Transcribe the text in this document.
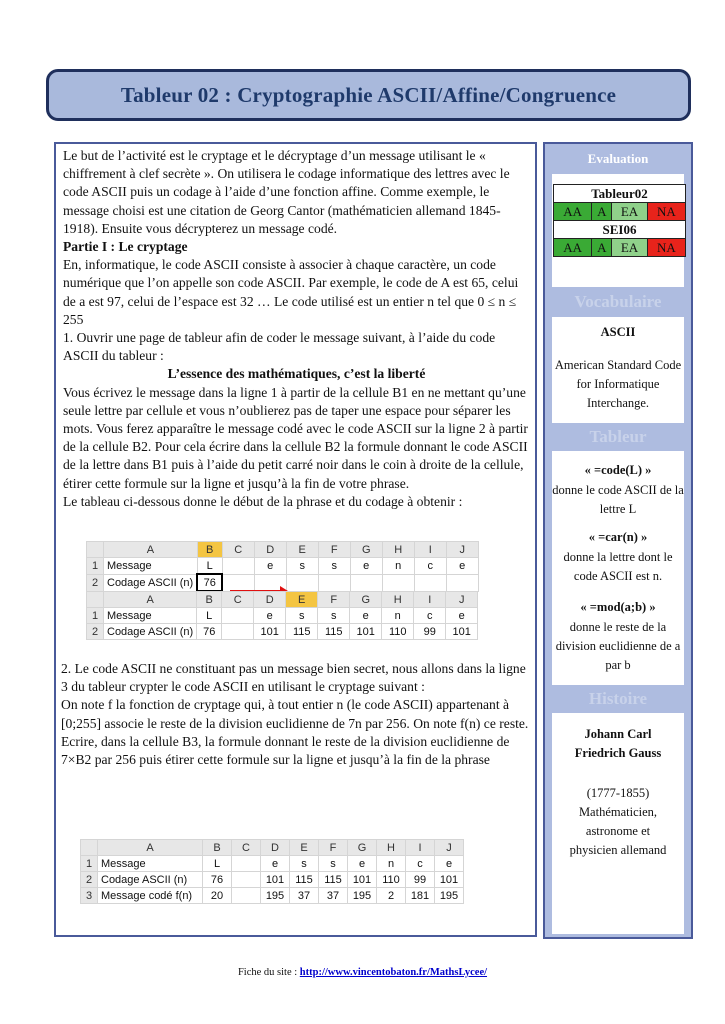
Tableur 02 : Cryptographie ASCII/Affine/Congruence

Le but de l’activité est le cryptage et le décryptage d’un message utilisant le « chiffrement à clef secrète ». On utilisera le codage informatique des lettres avec le code ASCII puis un codage à l’aide d’une fonction affine. Comme exemple, le message choisi est une citation de Georg Cantor (mathématicien allemand 1845-1918). Ensuite vous décrypterez un message codé.

Partie I : Le cryptage

En, informatique, le code ASCII consiste à associer à chaque caractère, un code numérique que l’on appelle son code ASCII. Par exemple, le code de A est 65, celui de a est 97, celui de l’espace est 32 … Le code utilisé est un entier n tel que 0 ≤ n ≤ 255

1. Ouvrir une page de tableur afin de coder le message suivant, à l’aide du code ASCII du tableur :

L’essence des mathématiques, c’est la liberté

Vous écrivez le message dans la ligne 1 à partir de la cellule B1 en ne mettant qu’une seule lettre par cellule et vous n’oublierez pas de taper une espace pour séparer les mots. Vous ferez apparaître le message codé avec le code ASCII sur la ligne 2 à partir de la cellule B2. Pour cela écrire dans la cellule B2 la formule donnant le code ASCII de la lettre dans B1 puis à l’aide du petit carré noir dans le coin à droite de la cellule, étirer cette formule sur la ligne et jusqu’à la fin de votre phrase.

Le tableau ci-dessous donne le début de la phrase et du codage à obtenir :

	A	B	C	D	E	F	G	H	I	J
1	Message	L		e	s	s	e	n	c	e
2	Codage ASCII (n)	76								
	A	B	C	D	E	F	G	H	I	J
1	Message	L		e	s	s	e	n	c	e
2	Codage ASCII (n)	76		101	115	115	101	110	99	101

2. Le code ASCII ne constituant pas un message bien secret, nous allons dans la ligne 3 du tableur crypter le code ASCII en utilisant le cryptage suivant :

On note f la fonction de cryptage qui, à tout entier n (le code ASCII) appartenant à [0;255] associe le reste de la division euclidienne de 7n par 256. On note f(n) ce reste.

Ecrire, dans la cellule B3, la formule donnant le reste de la division euclidienne de 7×B2 par 256 puis étirer cette formule sur la ligne et jusqu’à la fin de la phrase

	A	B	C	D	E	F	G	H	I	J
1	Message	L		e	s	s	e	n	c	e
2	Codage ASCII (n)	76		101	115	115	101	110	99	101
3	Message codé f(n)	20		195	37	37	195	2	181	195
Evaluation
Vocabulaire
ASCII
American Standard Code for Informatique Interchange.
Tableur
« =code(L) »
donne le code ASCII de la lettre L
« =car(n) »
donne la lettre dont le code ASCII est n.
« =mod(a;b) »
donne le reste de la division euclidienne de a par b
Histoire
Johann Carl Friedrich Gauss
(1777-1855)
Mathématicien, astronome et physicien allemand
Tableur02			
AA	A	EA	NA
SEI06			
AA	A	EA	NA
Fiche du site : http://www.vincentobaton.fr/MathsLycee/
